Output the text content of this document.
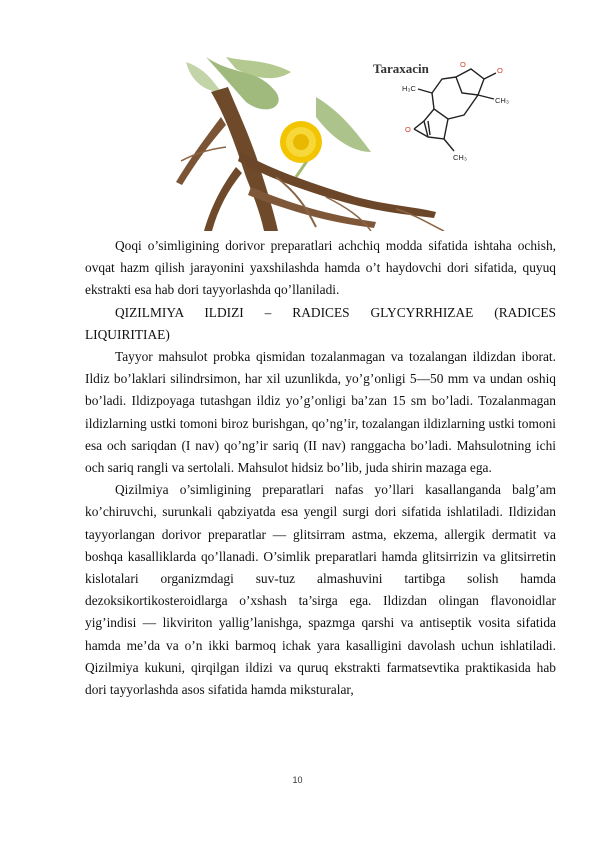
Taraxacin	O
O
H₃C
CH₃
O
CH₃

Qoqi o’simligining dorivor preparatlari achchiq modda sifatida ishtaha ochish, ovqat hazm qilish jarayonini yaxshilashda hamda o’t haydovchi dori sifatida, quyuq ekstrakti esa hab dori tayyorlashda qo’llaniladi.

QIZILMIYA ILDIZI – RADICES GLYCYRRHIZAE (RADICES LIQUIRITIAE)

Tayyor mahsulot probka qismidan tozalanmagan va tozalangan ildizdan iborat. Ildiz bo’laklari silindrsimon, har xil uzunlikda, yo’g’onligi 5—50 mm va undan oshiq bo’ladi. Ildizpoyaga tutashgan ildiz yo’g’onligi ba’zan 15 sm bo’ladi. Tozalanmagan ildizlarning ustki tomoni biroz burishgan, qo’ng’ir, tozalangan ildizlarning ustki tomoni esa och sariqdan (I nav) qo’ng’ir sariq (II nav) ranggacha bo’ladi. Mahsulotning ichi och sariq rangli va sertolali. Mahsulot hidsiz bo’lib, juda shirin mazaga ega.

Qizilmiya o’simligining preparatlari nafas yo’llari kasallanganda balg’am ko’chiruvchi, surunkali qabziyatda esa yengil surgi dori sifatida ishlatiladi. Ildizidan tayyorlangan dorivor preparatlar — glitsirram astma, ekzema, allergik dermatit va boshqa kasalliklarda qo’llanadi. O’simlik preparatlari hamda glitsirrizin va glitsirretin kislotalari organizmdagi suv-tuz almashuvini tartibga solish hamda dezoksikortikosteroidlarga o’xshash ta’sirga ega. Ildizdan olingan flavonoidlar yig’indisi — likviriton yallig’lanishga, spazmga qarshi va antiseptik vosita sifatida hamda me’da va o’n ikki barmoq ichak yara kasalligini davolash uchun ishlatiladi. Qizilmiya kukuni, qirqilgan ildizi va quruq ekstrakti farmatsevtika praktikasida hab dori tayyorlashda asos sifatida hamda miksturalar,

10
